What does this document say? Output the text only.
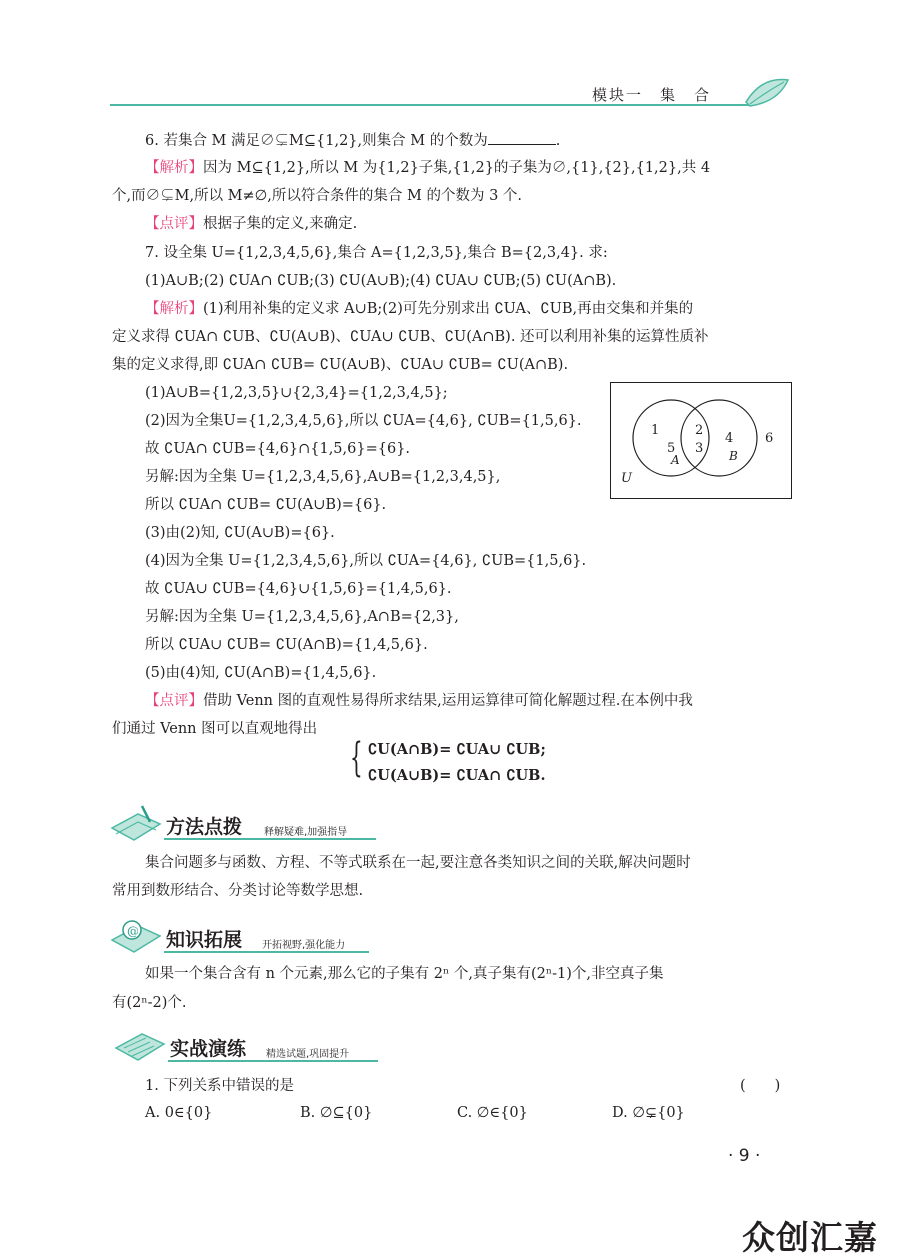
模块一　集　合
6. 若集合 M 满足∅⊊M⊆{1,2},则集合 M 的个数为	.
【解析】因为 M⊆{1,2},所以 M 为{1,2}子集,{1,2}的子集为∅,{1},{2},{1,2},共 4
个,而∅⊊M,所以 M≠∅,所以符合条件的集合 M 的个数为 3 个.
【点评】根据子集的定义,来确定.
7. 设全集 U={1,2,3,4,5,6},集合 A={1,2,3,5},集合 B={2,3,4}. 求:
(1)A∪B;(2) ∁UA∩ ∁UB;(3) ∁U(A∪B);(4) ∁UA∪ ∁UB;(5) ∁U(A∩B).
【解析】(1)利用补集的定义求 A∪B;(2)可先分别求出 ∁UA、∁UB,再由交集和并集的
定义求得 ∁UA∩ ∁UB、∁U(A∪B)、∁UA∪ ∁UB、∁U(A∩B). 还可以利用补集的运算性质补
集的定义求得,即 ∁UA∩ ∁UB= ∁U(A∪B)、∁UA∪ ∁UB= ∁U(A∩B).
(1)A∪B={1,2,3,5}∪{2,3,4}={1,2,3,4,5};
(2)因为全集U={1,2,3,4,5,6},所以 ∁UA={4,6}, ∁UB={1,5,6}.
故 ∁UA∩ ∁UB={4,6}∩{1,5,6}={6}.
另解:因为全集 U={1,2,3,4,5,6},A∪B={1,2,3,4,5},
所以 ∁UA∩ ∁UB= ∁U(A∪B)={6}.
(3)由(2)知, ∁U(A∪B)={6}.
(4)因为全集 U={1,2,3,4,5,6},所以 ∁UA={4,6}, ∁UB={1,5,6}.
故 ∁UA∪ ∁UB={4,6}∪{1,5,6}={1,4,5,6}.
另解:因为全集 U={1,2,3,4,5,6},A∩B={2,3},
所以 ∁UA∪ ∁UB= ∁U(A∩B)={1,4,5,6}.
(5)由(4)知, ∁U(A∩B)={1,4,5,6}.
【点评】借助 Venn 图的直观性易得所求结果,运用运算律可简化解题过程.在本例中我
们通过 Venn 图可以直观地得出
U
1
5
A
2
3
4
B
6
{ ∁U(A∩B)= ∁UA∪ ∁UB;
∁U(A∪B)= ∁UA∩ ∁UB.
方法点拨 释解疑难,加强指导
集合问题多与函数、方程、不等式联系在一起,要注意各类知识之间的关联,解决问题时
常用到数形结合、分类讨论等数学思想.
@ 知识拓展 开拓视野,强化能力
如果一个集合含有 n 个元素,那么它的子集有 2ⁿ 个,真子集有(2ⁿ-1)个,非空真子集
有(2ⁿ-2)个.
实战演练 精选试题,巩固提升
1. 下列关系中错误的是	(　　)
A. 0∈{0}	B. ∅⊆{0}	C. ∅∈{0}	D. ∅⊊{0}
· 9 ·
众创汇嘉
